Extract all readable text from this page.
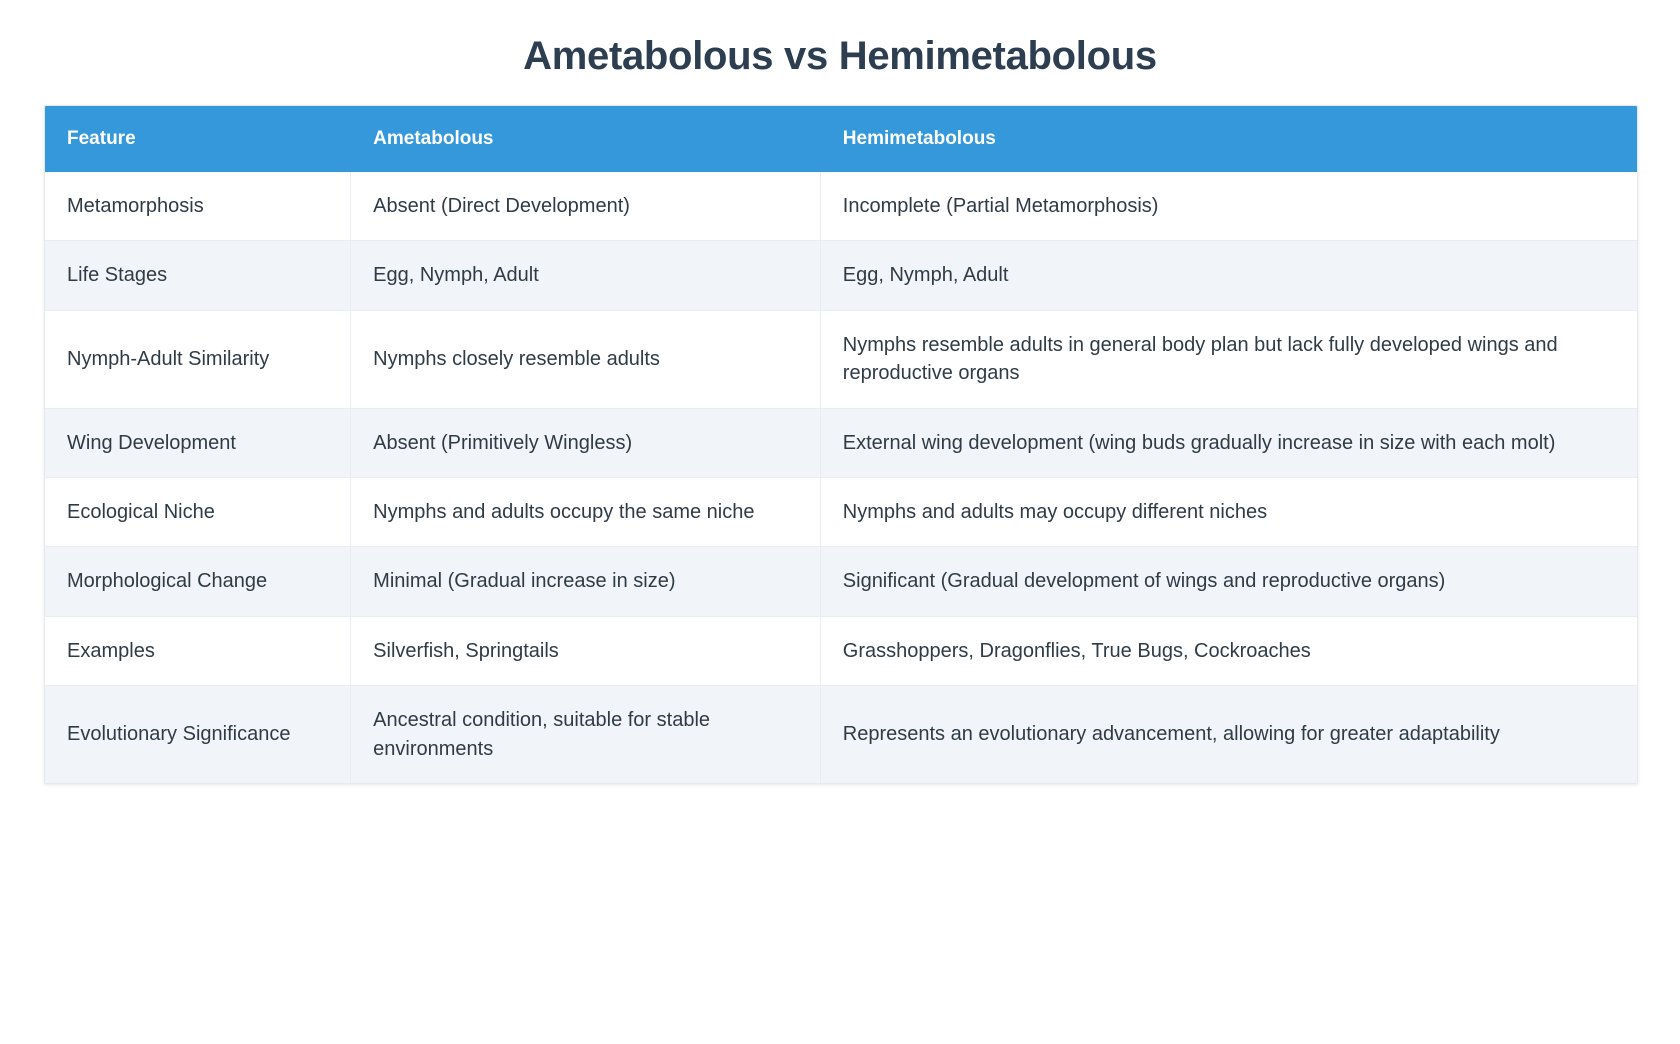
Ametabolous vs Hemimetabolous
Feature	Ametabolous	Hemimetabolous
Metamorphosis	Absent (Direct Development)	Incomplete (Partial Metamorphosis)
Life Stages	Egg, Nymph, Adult	Egg, Nymph, Adult
Nymph-Adult Similarity	Nymphs closely resemble adults	Nymphs resemble adults in general body plan but lack fully developed wings and reproductive organs
Wing Development	Absent (Primitively Wingless)	External wing development (wing buds gradually increase in size with each molt)
Ecological Niche	Nymphs and adults occupy the same niche	Nymphs and adults may occupy different niches
Morphological Change	Minimal (Gradual increase in size)	Significant (Gradual development of wings and reproductive organs)
Examples	Silverfish, Springtails	Grasshoppers, Dragonflies, True Bugs, Cockroaches
Evolutionary Significance	Ancestral condition, suitable for stable environments	Represents an evolutionary advancement, allowing for greater adaptability
